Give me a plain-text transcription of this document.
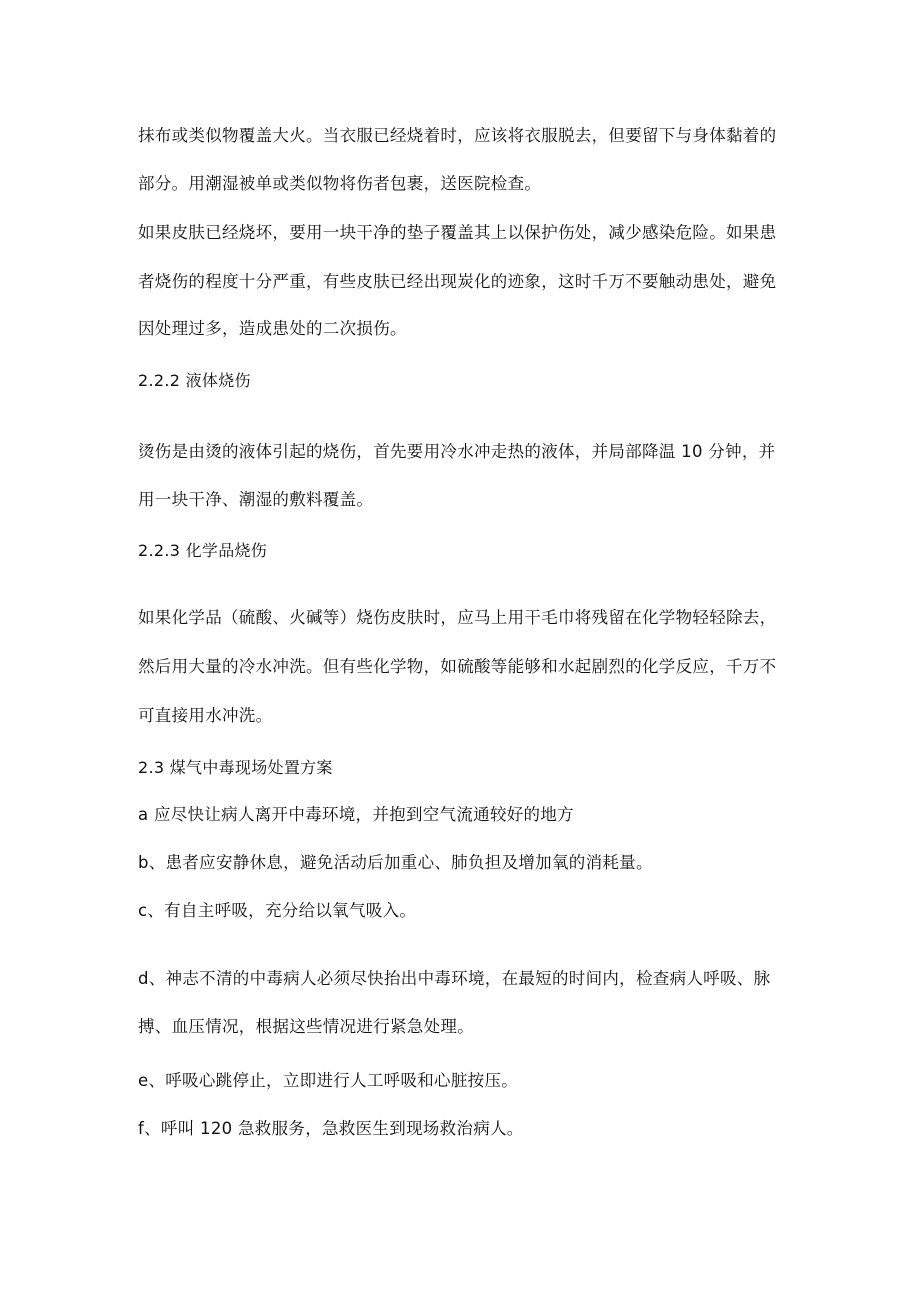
抹布或类似物覆盖大火。当衣服已经烧着时，应该将衣服脱去，但要留下与身体黏着的
部分。用潮湿被单或类似物将伤者包裹，送医院检查。
如果皮肤已经烧坏，要用一块干净的垫子覆盖其上以保护伤处，减少感染危险。如果患
者烧伤的程度十分严重，有些皮肤已经出现炭化的迹象，这时千万不要触动患处，避免
因处理过多，造成患处的二次损伤。
2.2.2 液体烧伤
烫伤是由烫的液体引起的烧伤，首先要用冷水冲走热的液体，并局部降温 10 分钟，并
用一块干净、潮湿的敷料覆盖。
2.2.3 化学品烧伤
如果化学品（硫酸、火碱等）烧伤皮肤时，应马上用干毛巾将残留在化学物轻轻除去，
然后用大量的冷水冲洗。但有些化学物，如硫酸等能够和水起剧烈的化学反应，千万不
可直接用水冲洗。
2.3 煤气中毒现场处置方案
a 应尽快让病人离开中毒环境，并抱到空气流通较好的地方
b、患者应安静休息，避免活动后加重心、肺负担及增加氧的消耗量。
c、有自主呼吸，充分给以氧气吸入。
d、神志不清的中毒病人必须尽快抬出中毒环境，在最短的时间内，检查病人呼吸、脉
搏、血压情况，根据这些情况进行紧急处理。
e、呼吸心跳停止，立即进行人工呼吸和心脏按压。
f、呼叫 120 急救服务，急救医生到现场救治病人。
